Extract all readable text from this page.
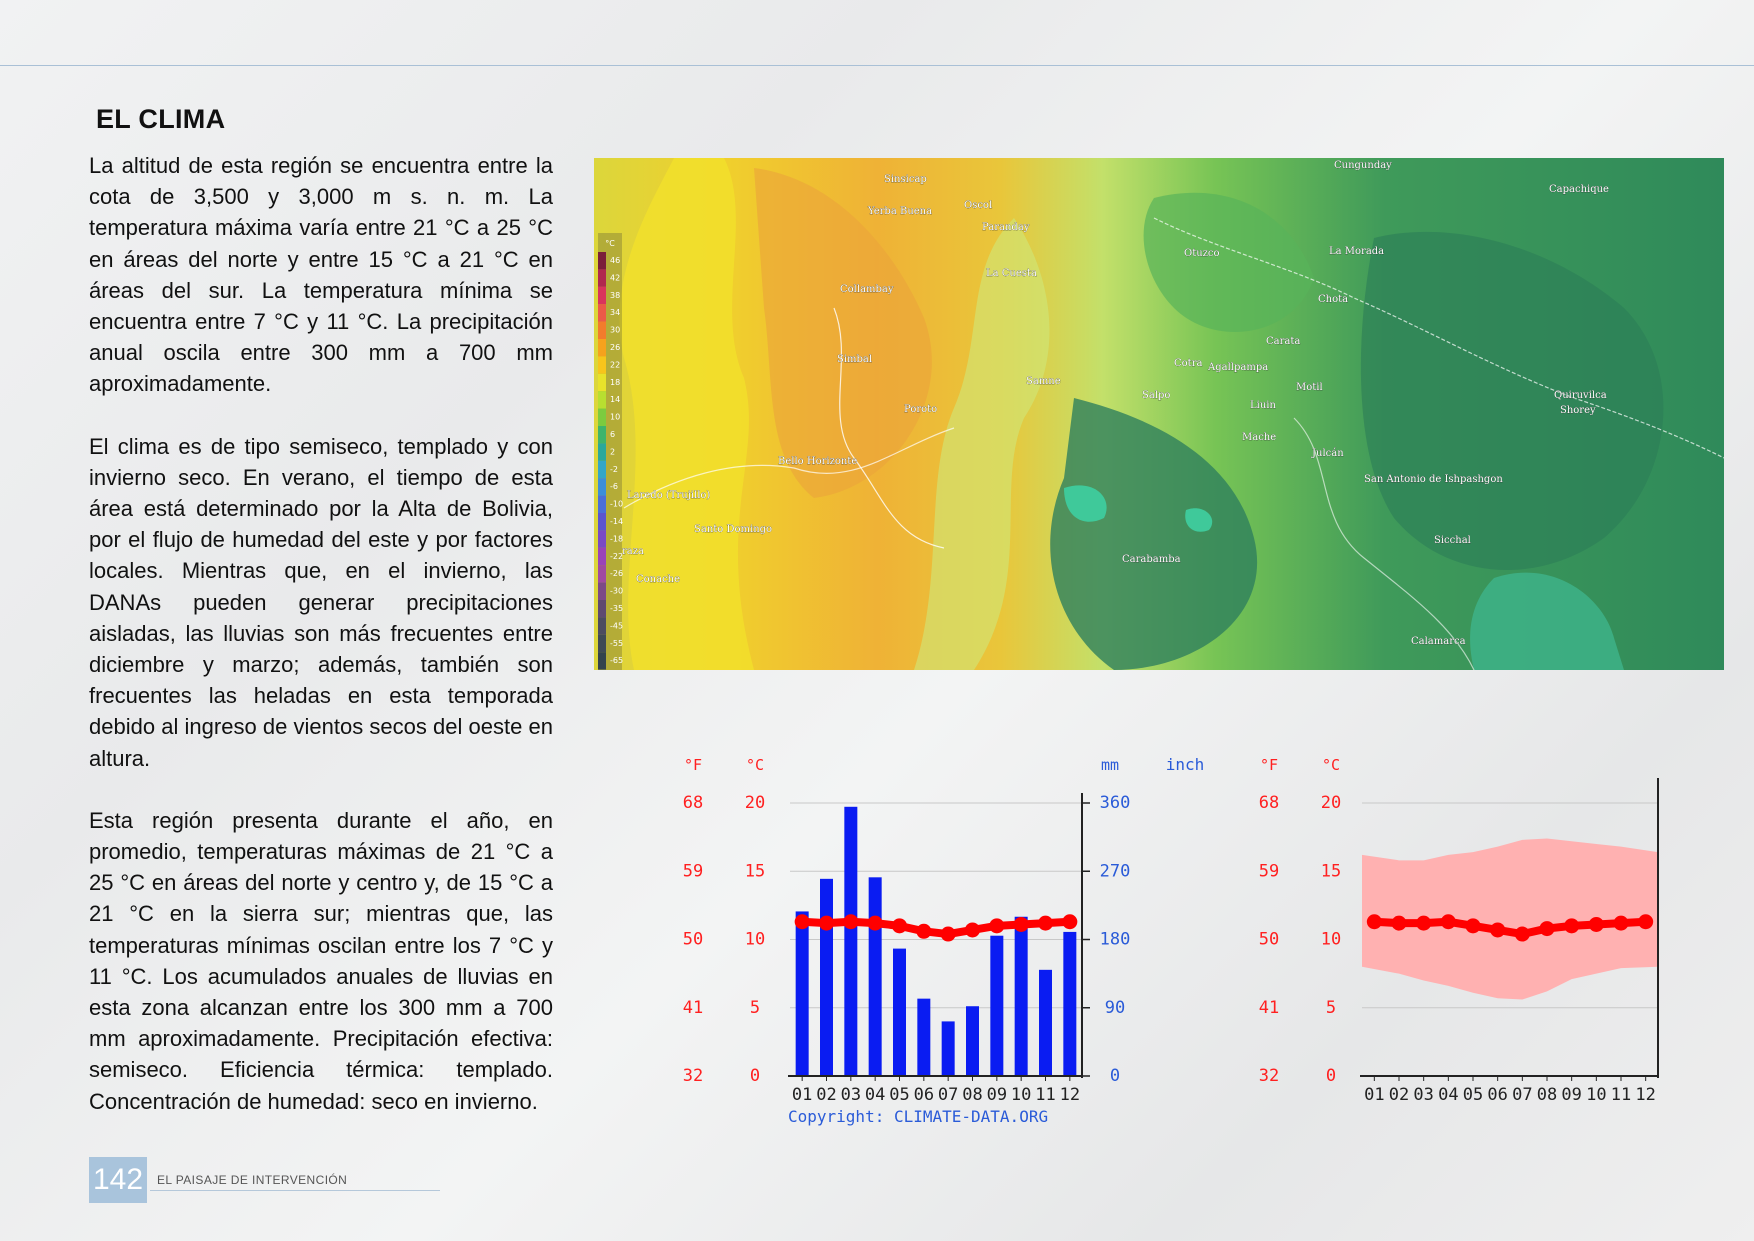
EL CLIMA

La altitud de esta región se encuentra entre la cota de 3,500 y 3,000 m s. n. m. La temperatura máxima varía entre 21 °C a 25 °C en áreas del norte y entre 15 °C a 21 °C en áreas del sur. La temperatura mínima se encuentra entre 7 °C y 11 °C. La precipitación anual oscila entre 300 mm a 700 mm aproximadamente.

El clima es de tipo semiseco, templado y con invierno seco. En verano, el tiempo de esta área está determinado por la Alta de Bolivia, por el flujo de humedad del este y por factores locales. Mientras que, en el invierno, las DANAs pueden generar precipitaciones aisladas, las lluvias son más frecuentes entre diciembre y marzo; además, también son frecuentes las heladas en esta temporada debido al ingreso de vientos secos del oeste en altura.

Esta región presenta durante el año, en promedio, temperaturas máximas de 21 °C a 25 °C en áreas del norte y centro y, de 15 °C a 21 °C en la sierra sur; mientras que, las temperaturas mínimas oscilan entre los 7 °C y 11 °C. Los acumulados anuales de lluvias en esta zona alcanzan entre los 300 mm a 700 mm aproximadamente. Precipitación efectiva: semiseco. Eficiencia térmica: templado. Concentración de humedad: seco en invierno.

°C
46
42
38
34
30
26
22
18
14
10
6
2
-2
-6
-10
-14
-18
-22
-26
-30
-35
-45
-55
-65
Sinsicap
Cungunday
Capachique
Yerba Buena
Oscol
Paranday
La Cuesta
Otuzco	La Morada
Collambay
Chota
Carata
Simbal	Cotra Agallpampa
Motil
Samne
Salpo	Quiruvilca
Shorey
Poroto	Liuin
Mache
Julcán
Bello Horizonte
San Antonio de Ishpashgon
Laredo (Trujillo)
Santo Domingo
Sicchal
Carabamba
Conache
Calamarca
raza
°F	°C
68 20
59 15
50 10
41	5
32	0
mm	inch
360
270
180
90
0
01 02 03 04 05 06 07 08 09 10 11 12
Copyright: CLIMATE-DATA.ORG
°F	°C
68 20
59 15
50 10
41	5
32	0
01 02 03 04 05 06 07 08 09 10 11 12
142	EL PAISAJE DE INTERVENCIÓN
